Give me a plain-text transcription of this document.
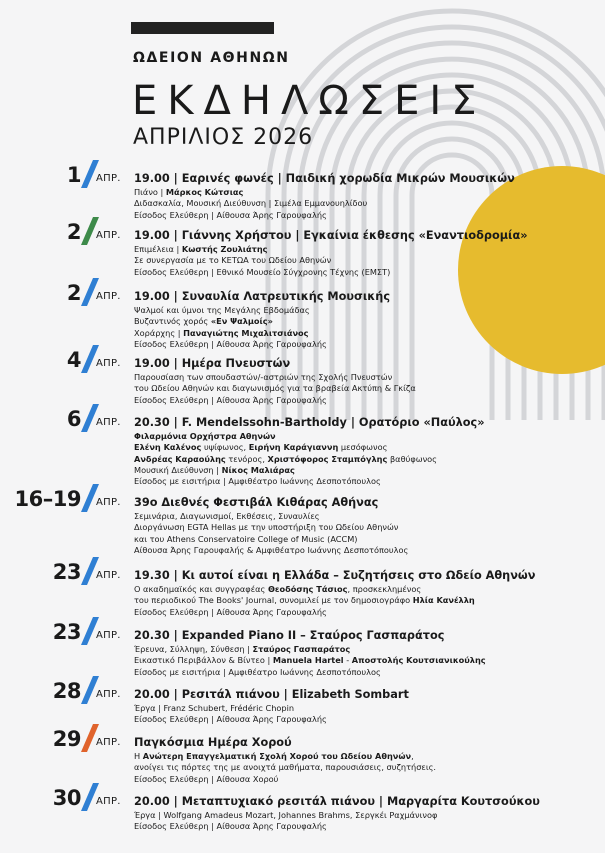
ΩΔΕΙΟΝ ΑΘΗΝΩΝ
ΕΚΔΗΛΩΣΕΙΣ
ΑΠΡΙΛΙΟΣ 2026
1 ΑΠΡ. 19.00 | Εαρινές φωνές | Παιδική χορωδία Μικρών Μουσικών
Πιάνο | Μάρκος Κώτσιας
Διδασκαλία, Μουσική Διεύθυνση | Σιμέλα Εμμανουηλίδου
Είσοδος Ελεύθερη | Αίθουσα Άρης Γαρουφαλής
2 ΑΠΡ. 19.00 | Γιάννης Χρήστου | Εγκαίνια έκθεσης «Εναντιοδρομία»
Επιμέλεια | Κωστής Ζουλιάτης
Σε συνεργασία με το ΚΕΤΩΑ του Ωδείου Αθηνών
Είσοδος Ελεύθερη | Εθνικό Μουσείο Σύγχρονης Τέχνης (ΕΜΣΤ)
2 ΑΠΡ. 19.00 | Συναυλία Λατρευτικής Μουσικής
Ψαλμοί και ύμνοι της Μεγάλης Εβδομάδας
Βυζαντινός χορός «Εν Ψαλμοίς»
Χοράρχης | Παναγιώτης Μιχαλιτσιάνος
Είσοδος Ελεύθερη | Αίθουσα Άρης Γαρουφαλής
4 ΑΠΡ. 19.00 | Ημέρα Πνευστών
Παρουσίαση των σπουδαστών/-αστριών της Σχολής Πνευστών
του Ωδείου Αθηνών και διαγωνισμός για τα βραβεία Ακτύπη & Γκίζα
Είσοδος Ελεύθερη | Αίθουσα Άρης Γαρουφαλής
6 ΑΠΡ. 20.30 | F. Mendelssohn-Bartholdy | Ορατόριο «Παύλος»
Φιλαρμόνια Ορχήστρα Αθηνών
Ελένη Καλένος υψίφωνος, Ειρήνη Καράγιαννη μεσόφωνος
Ανδρέας Καραούλης τενόρος, Χριστόφορος Σταμπόγλης βαθύφωνος
Μουσική Διεύθυνση | Νίκος Μαλιάρας
Είσοδος με εισιτήρια | Αμφιθέατρο Ιωάννης Δεσποτόπουλος
16–19 ΑΠΡ. 39ο Διεθνές Φεστιβάλ Κιθάρας Αθήνας
Σεμινάρια, Διαγωνισμοί, Εκθέσεις, Συναυλίες
Διοργάνωση EGTA Hellas με την υποστήριξη του Ωδείου Αθηνών
και του Athens Conservatoire College of Music (ACCM)
Αίθουσα Άρης Γαρουφαλής & Αμφιθέατρο Ιωάννης Δεσποτόπουλος
23 ΑΠΡ. 19.30 | Κι αυτοί είναι η Ελλάδα – Συζητήσεις στο Ωδείο Αθηνών
Ο ακαδημαϊκός και συγγραφέας Θεοδόσης Τάσιος, προσκεκλημένος
του περιοδικού The Books' Journal, συνομιλεί με τον δημοσιογράφο Ηλία Κανέλλη
Είσοδος Ελεύθερη | Αίθουσα Άρης Γαρουφαλής
23 ΑΠΡ. 20.30 | Expanded Piano II – Σταύρος Γασπαράτος
Έρευνα, Σύλληψη, Σύνθεση | Σταύρος Γασπαράτος
Εικαστικό Περιβάλλον & Βίντεο | Manuela Hartel - Αποστολής Κουτσιανικούλης
Είσοδος με εισιτήρια | Αμφιθέατρο Ιωάννης Δεσποτόπουλος
28 ΑΠΡ. 20.00 | Ρεσιτάλ πιάνου | Elizabeth Sombart
Έργα | Franz Schubert, Frédéric Chopin
Είσοδος Ελεύθερη | Αίθουσα Άρης Γαρουφαλής
29 ΑΠΡ. Παγκόσμια Ημέρα Χορού
Η Ανώτερη Επαγγελματική Σχολή Χορού του Ωδείου Αθηνών,
ανοίγει τις πόρτες της με ανοιχτά μαθήματα, παρουσιάσεις, συζητήσεις.
Είσοδος Ελεύθερη | Αίθουσα Χορού
30 ΑΠΡ. 20.00 | Μεταπτυχιακό ρεσιτάλ πιάνου | Μαργαρίτα Κουτσούκου
Έργα | Wolfgang Amadeus Mozart, Johannes Brahms, Σεργκέι Ραχμάνινοφ
Είσοδος Ελεύθερη | Αίθουσα Άρης Γαρουφαλής
